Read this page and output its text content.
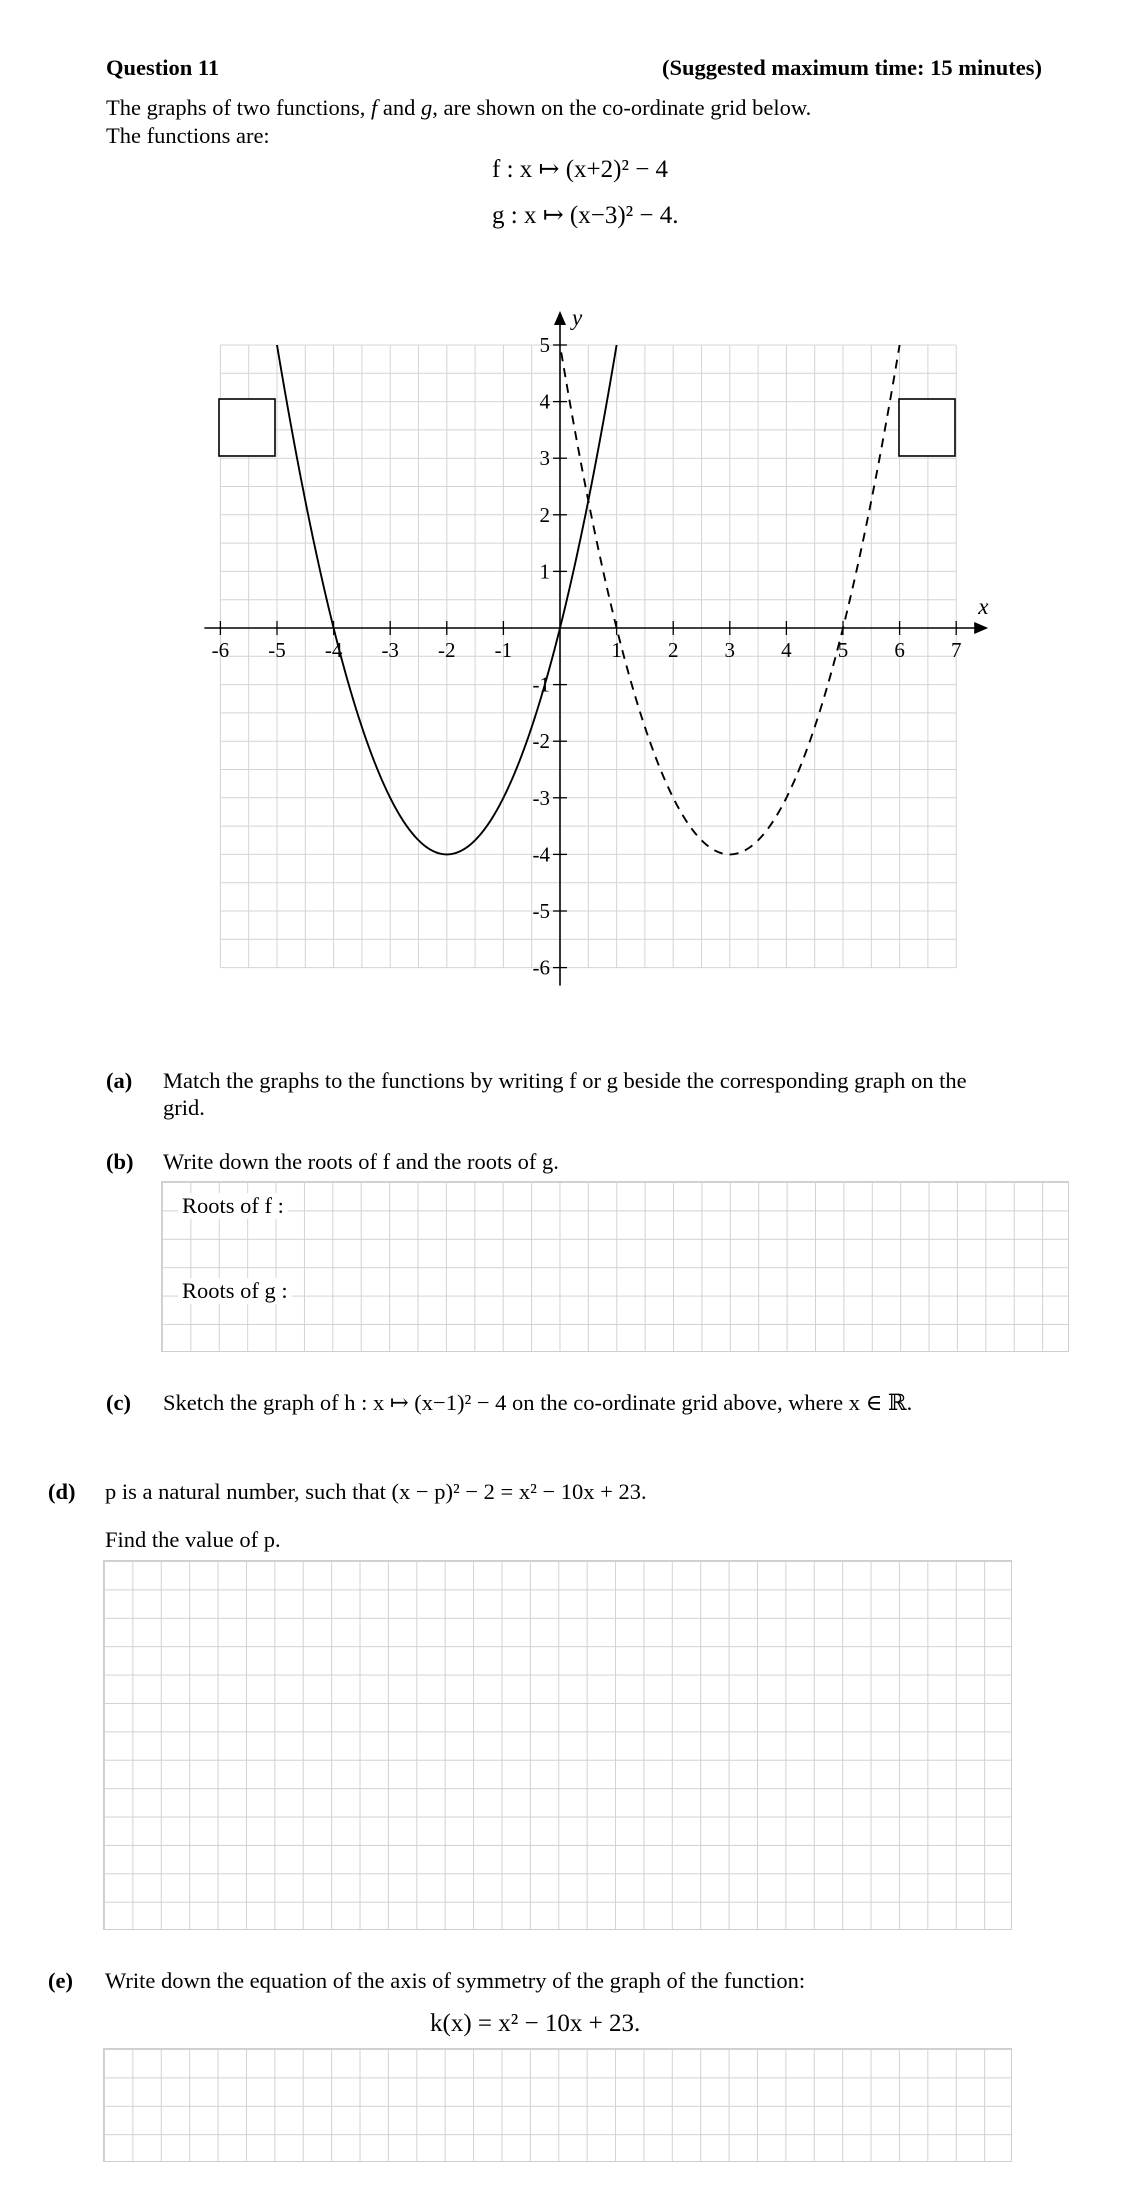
Question 11	(Suggested maximum time: 15 minutes)
The graphs of two functions, f and g, are shown on the co-ordinate grid below.
The functions are:
f : x ↦ (x+2)² − 4
g : x ↦ (x−3)² − 4.
x
y
-6 -5 -4 -3 -2 -1	1 2 3 4 5 6 7
-6
-5
-4
-3
-2
-1
1
2
3
4
5
(a) Match the graphs to the functions by writing f or g beside the corresponding graph on the
grid.
(b) Write down the roots of f and the roots of g.
Roots of f :
Roots of g :
(c) Sketch the graph of h : x ↦ (x−1)² − 4 on the co-ordinate grid above, where x ∈ ℝ.
(d) p is a natural number, such that (x − p)² − 2 = x² − 10x + 23.
Find the value of p.
(e) Write down the equation of the axis of symmetry of the graph of the function:
k(x) = x² − 10x + 23.
